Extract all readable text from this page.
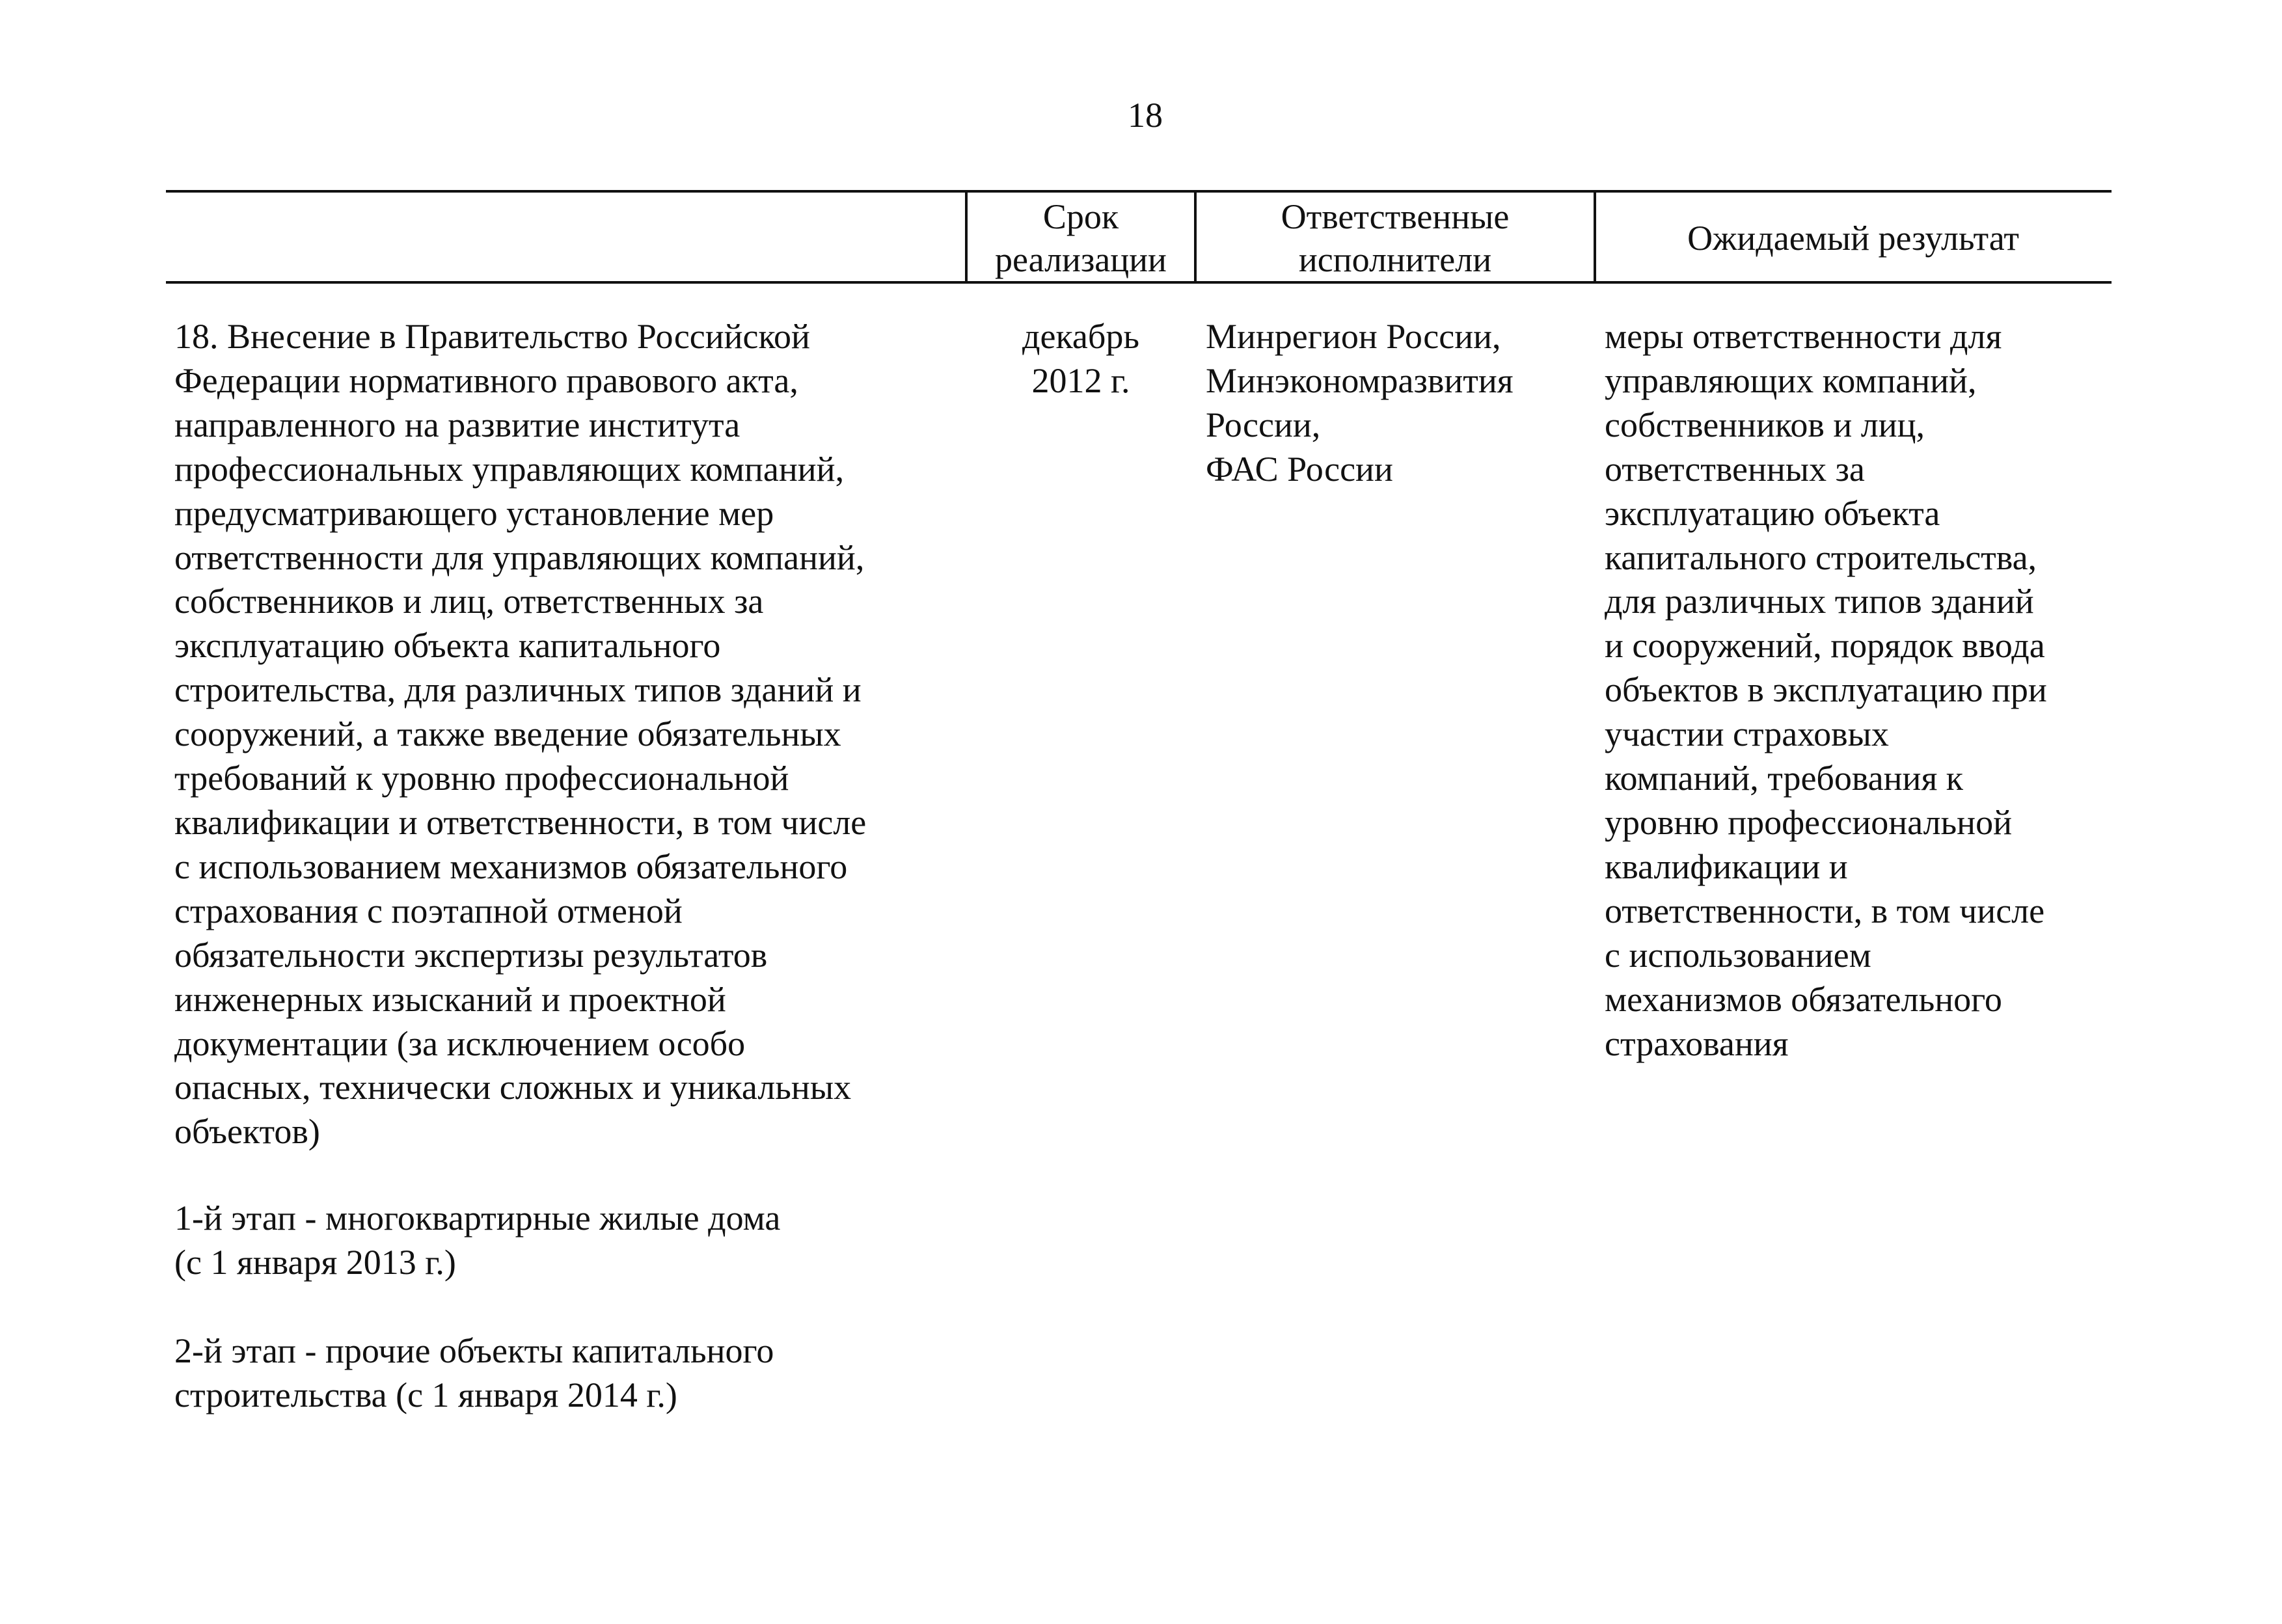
18
Срок
реализации
Ответственные
исполнители
Ожидаемый результат
18. Внесение в Правительство Российской
Федерации нормативного правового акта,
направленного на развитие института
профессиональных управляющих компаний,
предусматривающего установление мер
ответственности для управляющих компаний,
собственников и лиц, ответственных за
эксплуатацию объекта капитального
строительства, для различных типов зданий и
сооружений, а также введение обязательных
требований к уровню профессиональной
квалификации и ответственности, в том числе
с использованием механизмов обязательного
страхования с поэтапной отменой
обязательности экспертизы результатов
инженерных изысканий и проектной
документации (за исключением особо
опасных, технически сложных и уникальных
объектов)
1-й этап - многоквартирные жилые дома
(с 1 января 2013 г.)
2-й этап - прочие объекты капитального
строительства (с 1 января 2014 г.)
декабрь
2012 г.
Минрегион России,
Минэкономразвития
России,
ФАС России
меры ответственности для
управляющих компаний,
собственников и лиц,
ответственных за
эксплуатацию объекта
капитального строительства,
для различных типов зданий
и сооружений, порядок ввода
объектов в эксплуатацию при
участии страховых
компаний, требования к
уровню профессиональной
квалификации и
ответственности, в том числе
с использованием
механизмов обязательного
страхования
